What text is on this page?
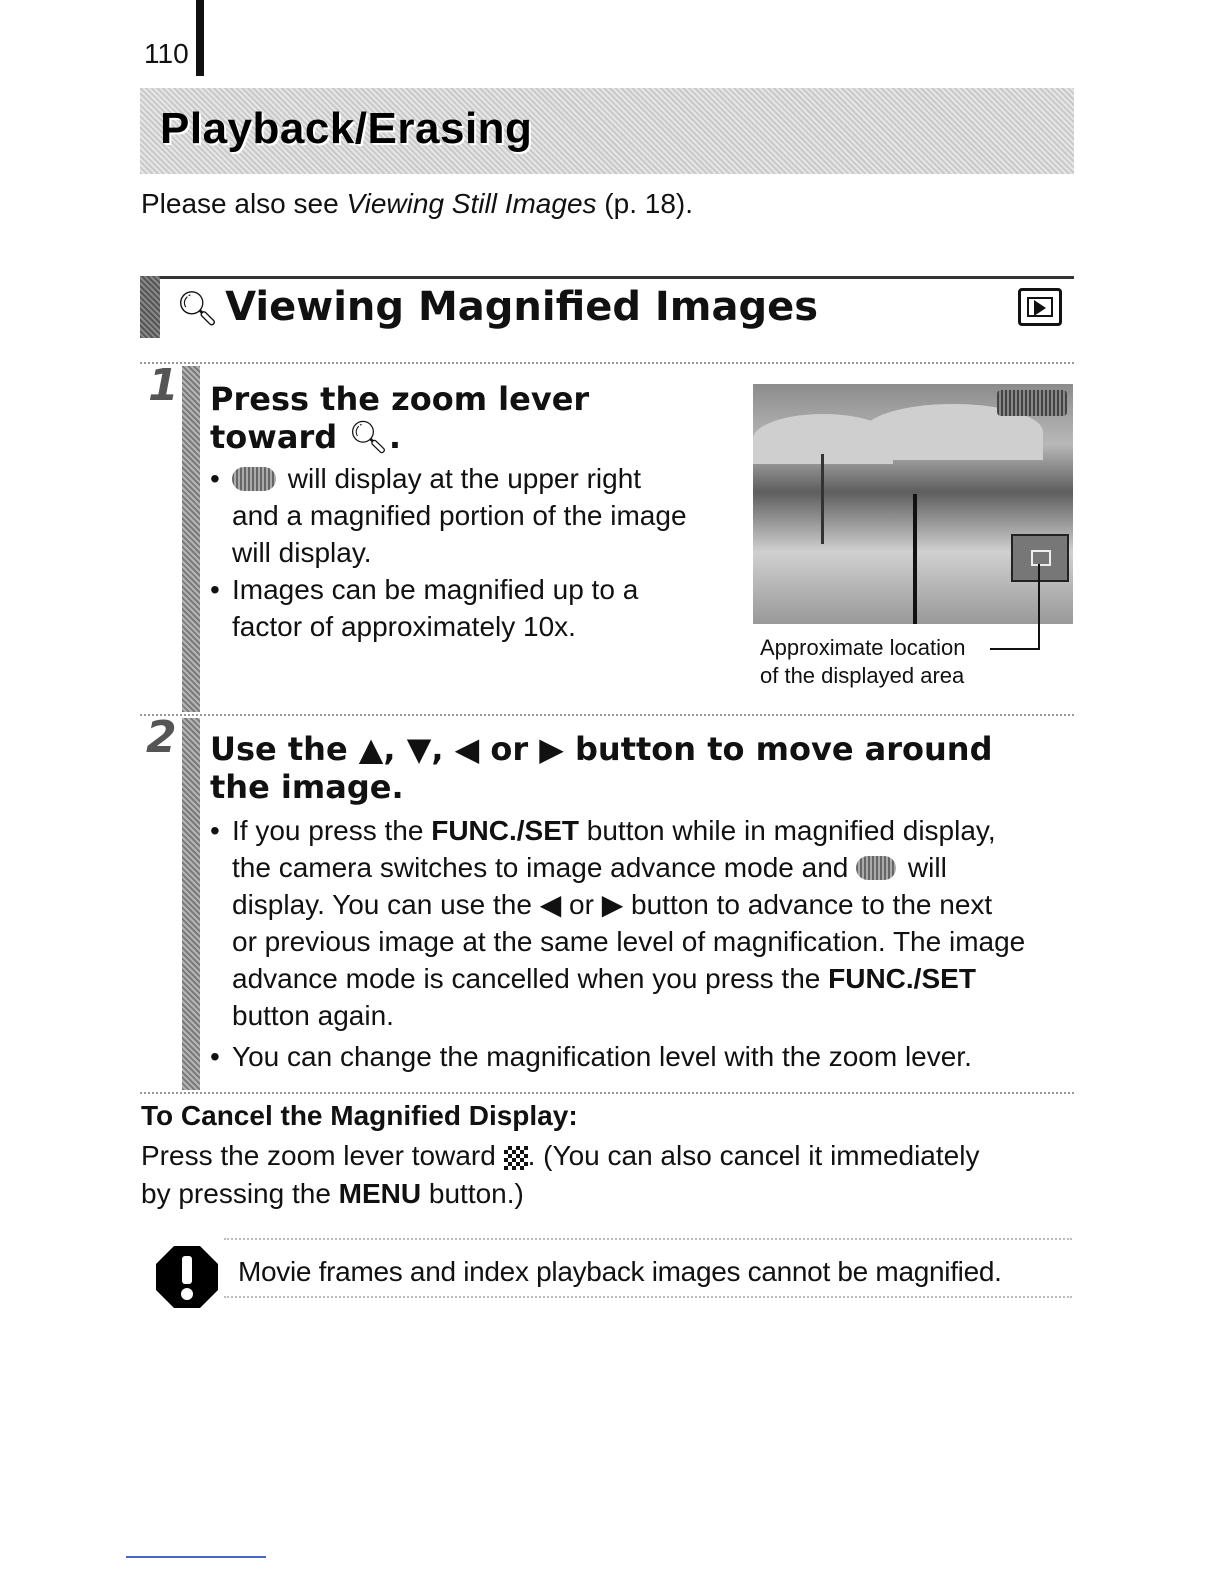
110
Playback/Erasing
Please also see Viewing Still Images (p. 18).
🔍︎ Viewing Magnified Images
1 Press the zoom lever
toward 🔍︎.
• will display at the upper right
and a magnified portion of the image
will display.
• Images can be magnified up to a
factor of approximately 10x.
Approximate location
of the displayed area
2 Use the ▲, ▼, ◀ or ▶ button to move around
the image.
• If you press the FUNC./SET button while in magnified display,
the camera switches to image advance mode and  will
display. You can use the ◀ or ▶ button to advance to the next
or previous image at the same level of magnification. The image
advance mode is cancelled when you press the FUNC./SET
button again.
• You can change the magnification level with the zoom lever.
To Cancel the Magnified Display:
Press the zoom lever toward . (You can also cancel it immediately
by pressing the MENU button.)
Movie frames and index playback images cannot be magnified.
